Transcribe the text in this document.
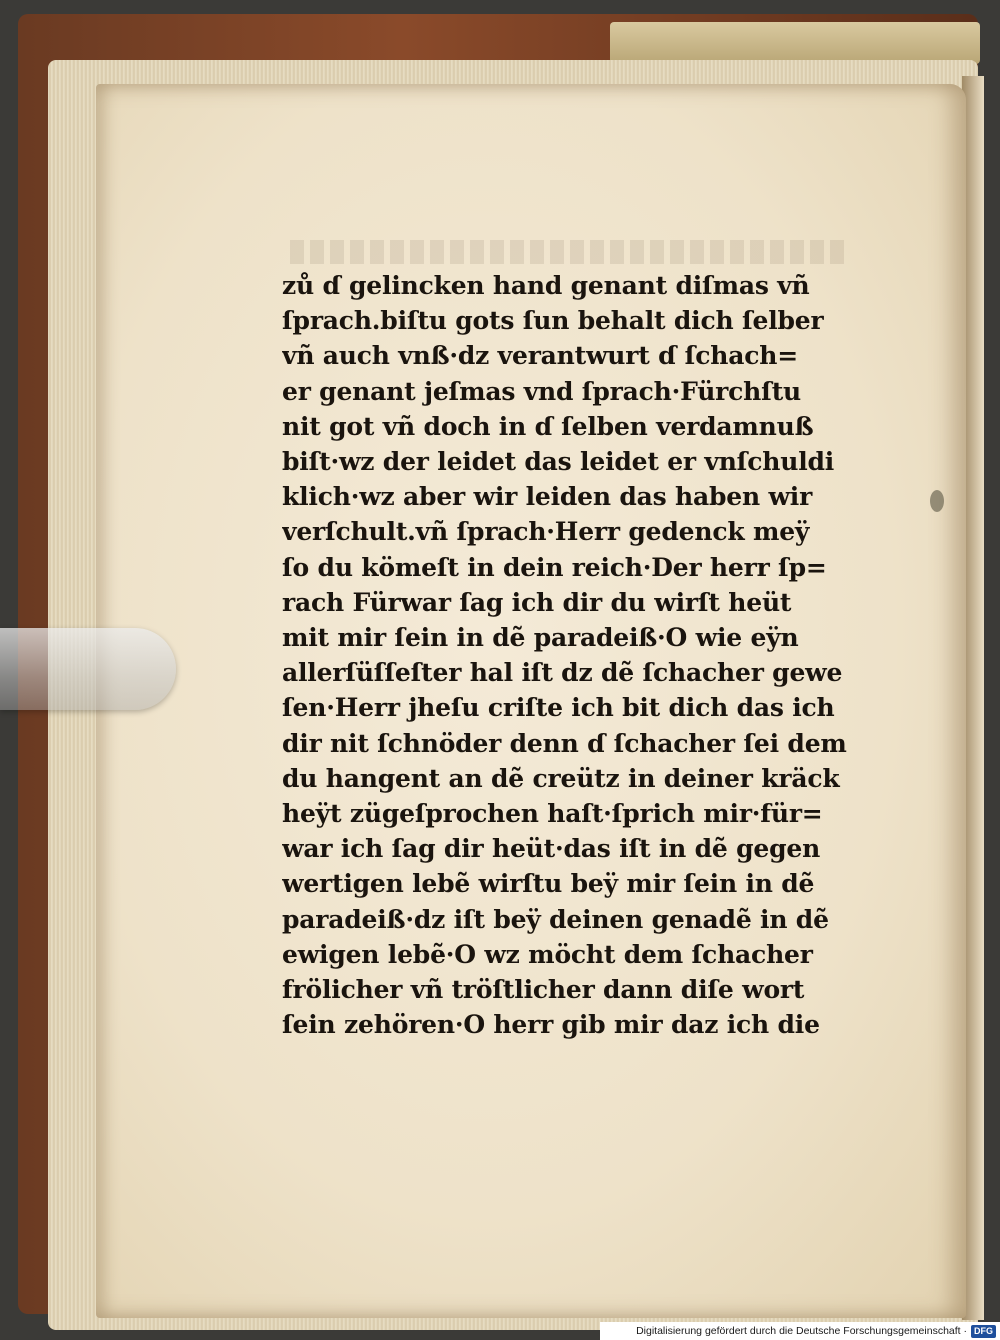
zů ɗ gelincken hand genant diſmas vñ
ſprach.biſtu gots ſun behalt dich ſelber
vñ auch vnß·dz verantwurt ɗ ſchach=
er genant jeſmas vnd ſprach·Fürchſtu
nit got vñ doch in ɗ ſelben verdamnuß
biſt·wz der leidet das leidet er vnſchuldi
klich·wz aber wir leiden das haben wir
verſchult.vñ ſprach·Herr gedenck meÿ
ſo du kömeſt in dein reich·Der herr ſp=
rach Fürwar ſag ich dir du wirſt heüt
mit mir ſein in dẽ paradeiß·O wie eÿn
allerſüſſeſter hal iſt dz dẽ ſchacher gewe
ſen·Herr jheſu criſte ich bit dich das ich
dir nit ſchnöder denn ɗ ſchacher ſei dem
du hangent an dẽ creütz in deiner kräck
heÿt zügeſprochen haſt·ſprich mir·für=
war ich ſag dir heüt·das iſt in dẽ gegen
wertigen lebẽ wirſtu beÿ mir ſein in dẽ
paradeiß·dz iſt beÿ deinen genadẽ in dẽ
ewigen lebẽ·O wz möcht dem ſchacher
frölicher vñ tröſtlicher dann diſe wort
ſein zehören·O herr gib mir daz ich die
Digitalisierung gefördert durch die Deutsche Forschungsgemeinschaft · DFG
